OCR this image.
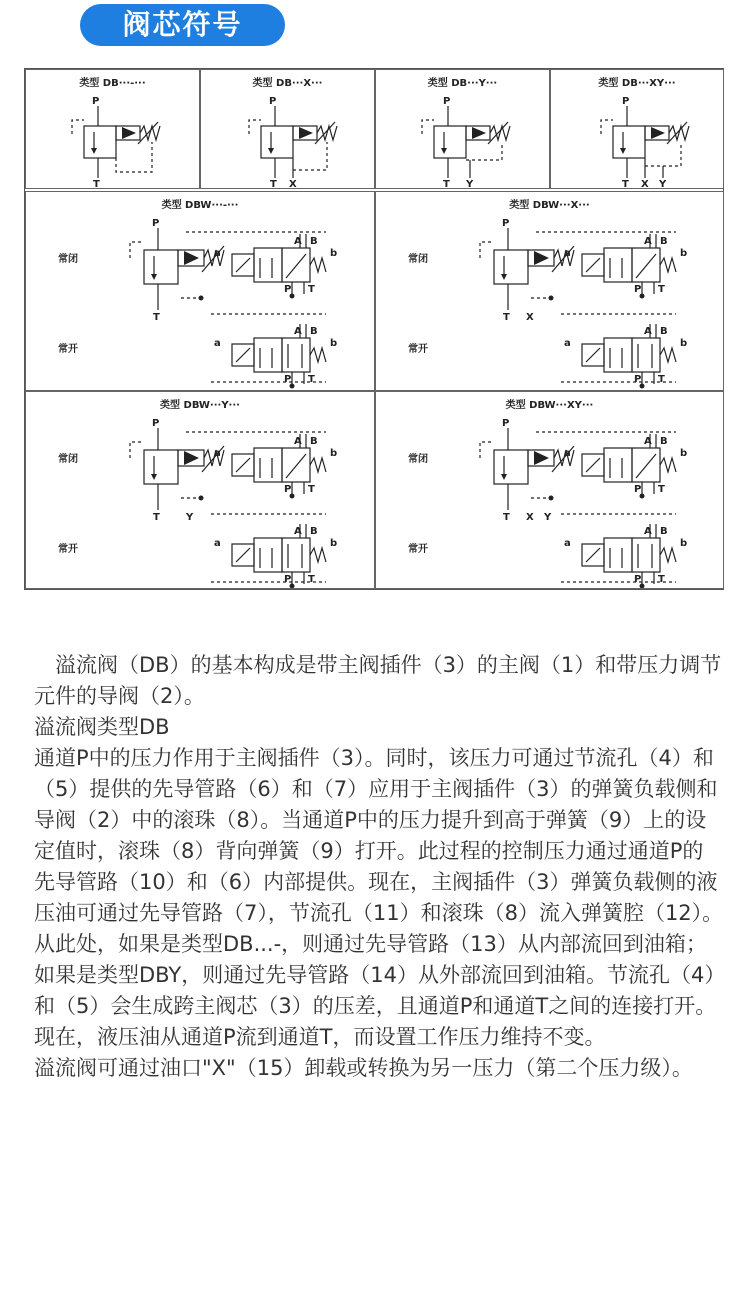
阀芯符号
类型 DB···-···
P
T
类型 DB···X···
P
T X
类型 DB···Y···
P
T Y
类型 DB···XY···
P
T X Y
类型 DBW···-···
常闭
常开
P
T
a	b
A B
P T
a	b
A B
P T
类型 DBW···X···
常闭
常开
P
T X
a	b
A B
P T
a	b
A B
P T
类型 DBW···Y···
常闭
常开
P
T	Y
a	b
A B
P T
a	b
A B
P T
类型 DBW···XY···
常闭
常开
P
T X Y
a	b
A B
P T
a	b
A B
P T

　溢流阀（DB）的基本构成是带主阀插件（3）的主阀（1）和带压力调节元件的导阀（2）。

溢流阀类型DB

通道P中的压力作用于主阀插件（3）。同时，该压力可通过节流孔（4）和（5）提供的先导管路（6）和（7）应用于主阀插件（3）的弹簧负载侧和导阀（2）中的滚珠（8）。当通道P中的压力提升到高于弹簧（9）上的设定值时，滚珠（8）背向弹簧（9）打开。此过程的控制压力通过通道P的先导管路（10）和（6）内部提供。现在，主阀插件（3）弹簧负载侧的液压油可通过先导管路（7），节流孔（11）和滚珠（8）流入弹簧腔（12）。

从此处，如果是类型DB...-，则通过先导管路（13）从内部流回到油箱；如果是类型DBY，则通过先导管路（14）从外部流回到油箱。节流孔（4）和（5）会生成跨主阀芯（3）的压差，且通道P和通道T之间的连接打开。现在，液压油从通道P流到通道T，而设置工作压力维持不变。

溢流阀可通过油口"X"（15）卸载或转换为另一压力（第二个压力级）。
